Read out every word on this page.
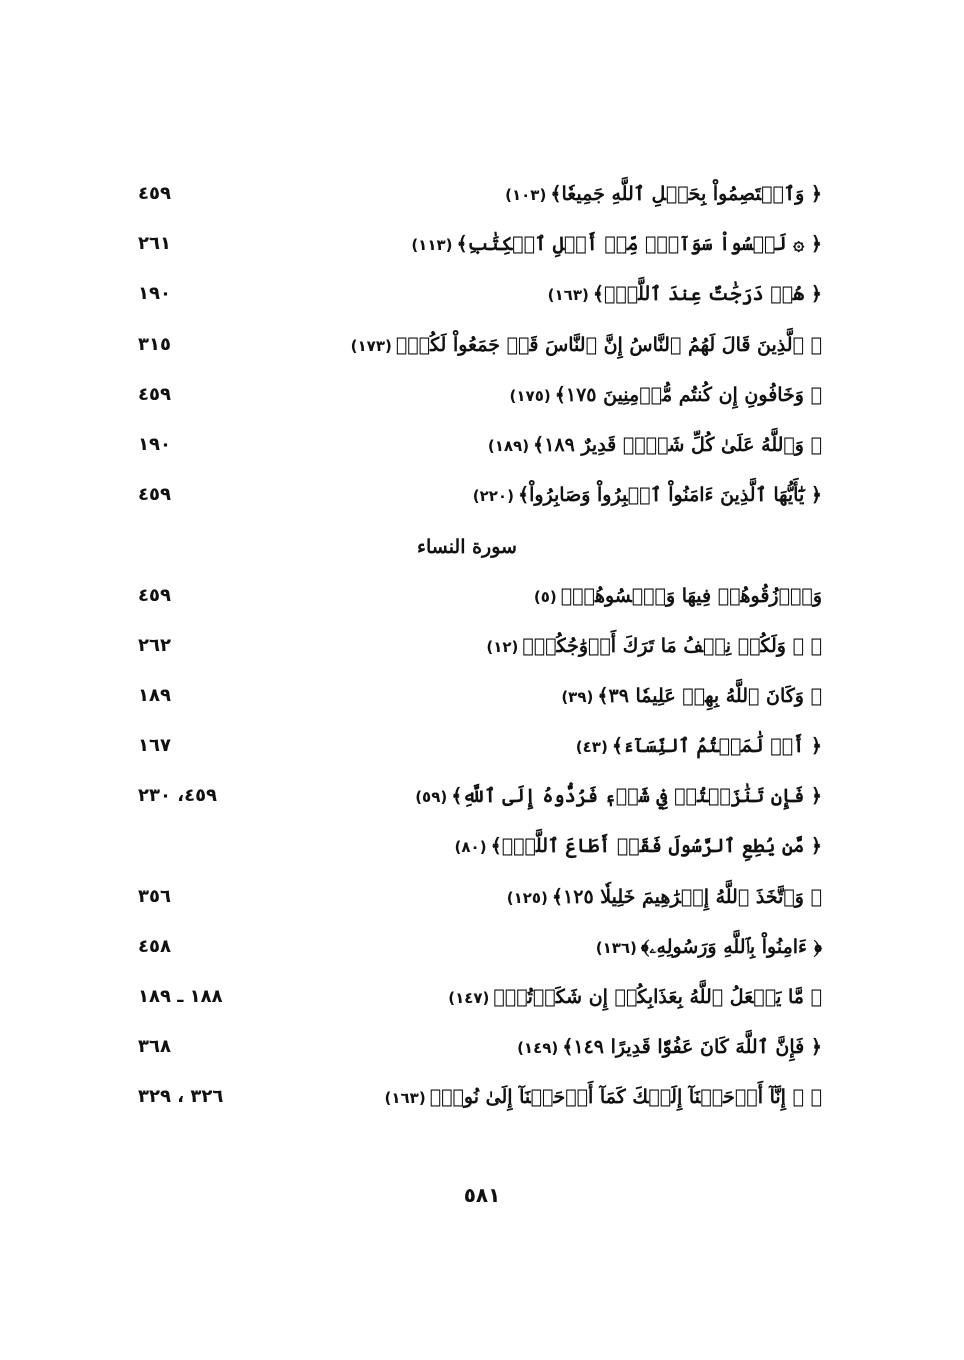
﴿ وَٱعۡتَصِمُواْ بِحَبۡلِ ٱللَّهِ جَمِيعٗا﴾(١٠٣)
٤٥٩
﴿ ۞ لَيۡسُواْ سَوَآءٗۗ مِّنۡ أَهۡلِ ٱلۡكِتَٰبِ﴾(١١٣)
٢٦١
﴿ هُمۡ دَرَجَٰتٌ عِندَ ٱللَّهِۗ﴾(١٦٣)
١٩٠
﴿ ٱلَّذِينَ قَالَ لَهُمُ ٱلنَّاسُ إِنَّ ٱلنَّاسَ قَدۡ جَمَعُواْ لَكُمۡ﴾(١٧٣)
٣١٥
﴿ وَخَافُونِ إِن كُنتُم مُّؤۡمِنِينَ ١٧٥﴾(١٧٥)
٤٥٩
﴿ وَٱللَّهُ عَلَىٰ كُلِّ شَيۡءٖ قَدِيرٌ ١٨٩﴾(١٨٩)
١٩٠
﴿ يَٰٓأَيُّهَا ٱلَّذِينَ ءَامَنُواْ ٱصۡبِرُواْ وَصَابِرُواْ﴾(٢٢٠)
٤٥٩
سورة النساء
وَٱرۡزُقُوهُمۡ فِيهَا وَٱكۡسُوهُمۡ﴾(٥)
٤٥٩
﴿ ۞ وَلَكُمۡ نِصۡفُ مَا تَرَكَ أَزۡوَٰجُكُمۡ﴾(١٢)
٢٦٢
﴿ وَكَانَ ٱللَّهُ بِهِمۡ عَلِيمٗا ٣٩﴾(٣٩)
١٨٩
﴿ أَوۡ لَٰمَسۡتُمُ ٱلنِّسَآءَ﴾(٤٣)
١٦٧
﴿ فَإِن تَنَٰزَعۡتُمۡ فِي شَيۡءٖ فَرُدُّوهُ إِلَى ٱللَّهِ﴾(٥٩)
٤٥٩، ٢٣٠
﴿ مَّن يُطِعِ ٱلرَّسُولَ فَقَدۡ أَطَاعَ ٱللَّهَۖ﴾(٨٠)
﴿ وَٱتَّخَذَ ٱللَّهُ إِبۡرَٰهِيمَ خَلِيلٗا ١٢٥﴾(١٢٥)
٣٥٦
﴿ ءَامِنُواْ بِٱللَّهِ وَرَسُولِهِۦ﴾(١٣٦)
٤٥٨
﴿ مَّا يَفۡعَلُ ٱللَّهُ بِعَذَابِكُمۡ إِن شَكَرۡتُمۡ﴾(١٤٧)
١٨٨ ـ ١٨٩
﴿ فَإِنَّ ٱللَّهَ كَانَ عَفُوّٗا قَدِيرًا ١٤٩﴾(١٤٩)
٣٦٨
﴿ ۞ إِنَّآ أَوۡحَيۡنَآ إِلَيۡكَ كَمَآ أَوۡحَيۡنَآ إِلَىٰ نُوحٖ﴾(١٦٣)
٣٢٦ ، ٣٢٩
٥٨١
